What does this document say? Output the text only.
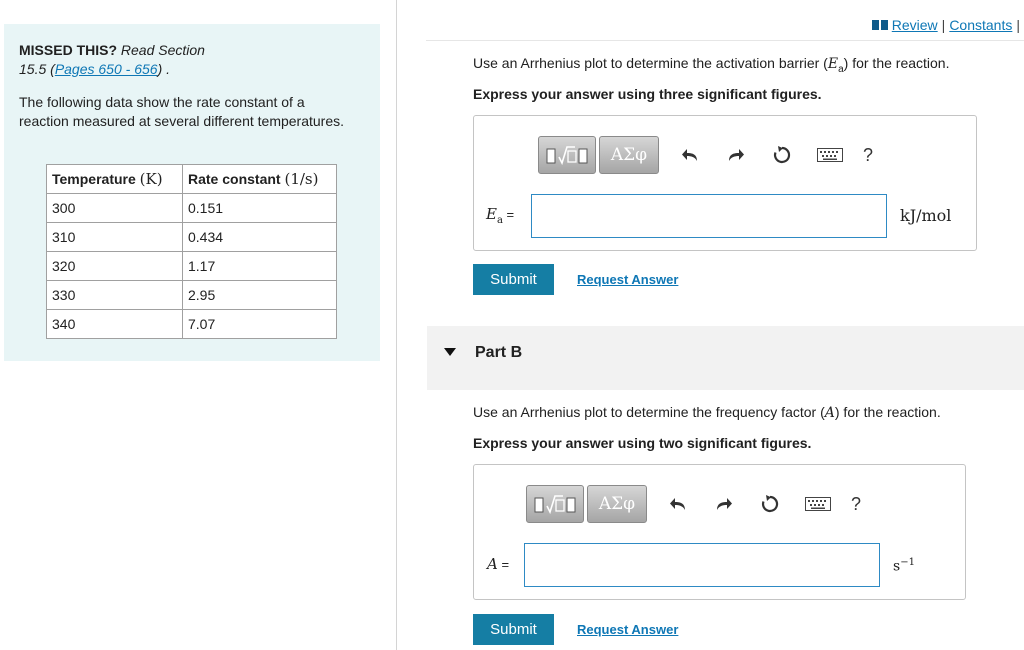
MISSED THIS? Read Section
15.5 (Pages 650 - 656) .
The following data show the rate constant of a reaction measured at several different temperatures.
Temperature (K)	Rate constant (1/s)
300	0.151
310	0.434
320	1.17
330	2.95
340	7.07
Review | Constants |
Use an Arrhenius plot to determine the activation barrier $(E_a)$ for the reaction.
Express your answer using three significant figures.
ΑΣφ	?
$E_a$ =	kJ/mol
Submit	Request Answer
Part B
Use an Arrhenius plot to determine the frequency factor (A) for the reaction.
Express your answer using two significant figures.
ΑΣφ	?
A =	$s^{-1}$
Submit	Request Answer
